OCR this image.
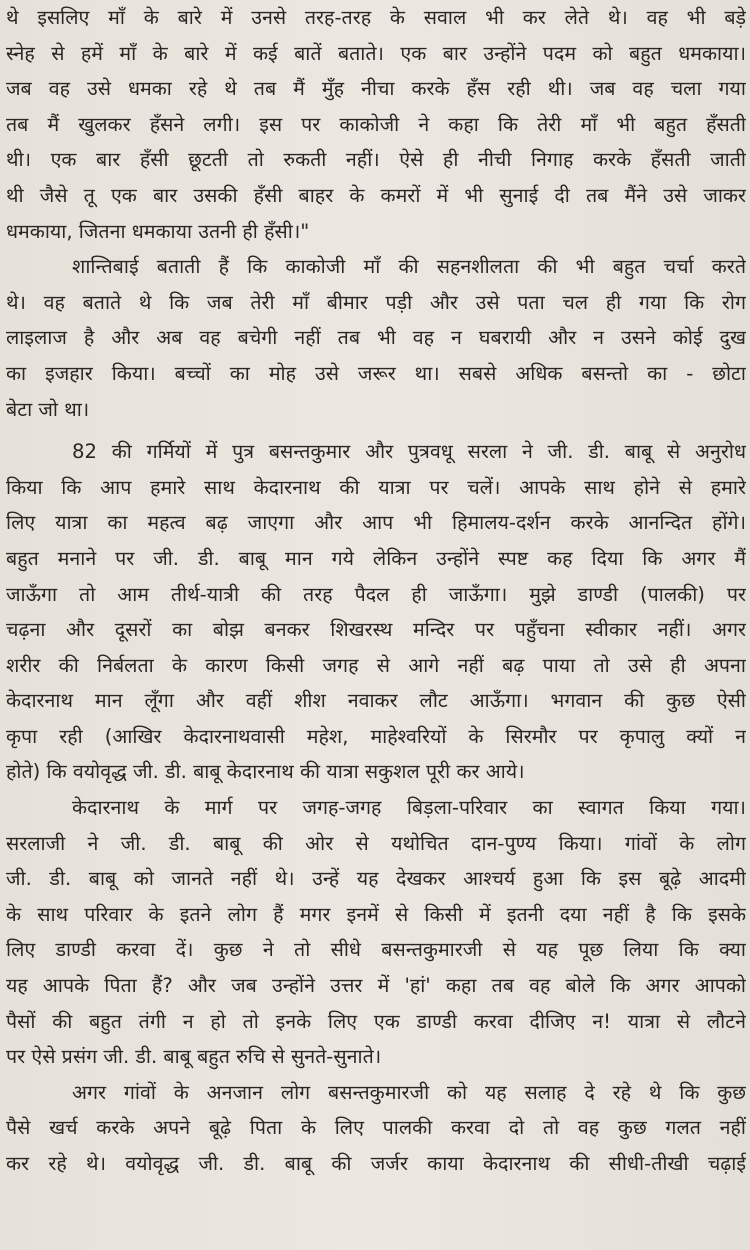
थे इसलिए माँ के बारे में उनसे तरह-तरह के सवाल भी कर लेते थे। वह भी बड़े
स्नेह से हमें माँ के बारे में कई बातें बताते। एक बार उन्होंने पदम को बहुत धमकाया।
जब वह उसे धमका रहे थे तब मैं मुँह नीचा करके हँस रही थी। जब वह चला गया
तब मैं खुलकर हँसने लगी। इस पर काकोजी ने कहा कि तेरी माँ भी बहुत हँसती
थी। एक बार हँसी छूटती तो रुकती नहीं। ऐसे ही नीची निगाह करके हँसती जाती
थी जैसे तू एक बार उसकी हँसी बाहर के कमरों में भी सुनाई दी तब मैंने उसे जाकर
धमकाया, जितना धमकाया उतनी ही हँसी।"
शान्तिबाई बताती हैं कि काकोजी माँ की सहनशीलता की भी बहुत चर्चा करते
थे। वह बताते थे कि जब तेरी माँ बीमार पड़ी और उसे पता चल ही गया कि रोग
लाइलाज है और अब वह बचेगी नहीं तब भी वह न घबरायी और न उसने कोई दुख
का इजहार किया। बच्चों का मोह उसे जरूर था। सबसे अधिक बसन्तो का - छोटा
बेटा जो था।
82 की गर्मियों में पुत्र बसन्तकुमार और पुत्रवधू सरला ने जी. डी. बाबू से अनुरोध
किया कि आप हमारे साथ केदारनाथ की यात्रा पर चलें। आपके साथ होने से हमारे
लिए यात्रा का महत्व बढ़ जाएगा और आप भी हिमालय-दर्शन करके आनन्दित होंगे।
बहुत मनाने पर जी. डी. बाबू मान गये लेकिन उन्होंने स्पष्ट कह दिया कि अगर मैं
जाऊँगा तो आम तीर्थ-यात्री की तरह पैदल ही जाऊँगा। मुझे डाण्डी (पालकी) पर
चढ़ना और दूसरों का बोझ बनकर शिखरस्थ मन्दिर पर पहुँचना स्वीकार नहीं। अगर
शरीर की निर्बलता के कारण किसी जगह से आगे नहीं बढ़ पाया तो उसे ही अपना
केदारनाथ मान लूँगा और वहीं शीश नवाकर लौट आऊँगा। भगवान की कुछ ऐसी
कृपा रही (आखिर केदारनाथवासी महेश, माहेश्वरियों के सिरमौर पर कृपालु क्यों न
होते) कि वयोवृद्ध जी. डी. बाबू केदारनाथ की यात्रा सकुशल पूरी कर आये।
केदारनाथ के मार्ग पर जगह-जगह बिड़ला-परिवार का स्वागत किया गया।
सरलाजी ने जी. डी. बाबू की ओर से यथोचित दान-पुण्य किया। गांवों के लोग
जी. डी. बाबू को जानते नहीं थे। उन्हें यह देखकर आश्चर्य हुआ कि इस बूढ़े आदमी
के साथ परिवार के इतने लोग हैं मगर इनमें से किसी में इतनी दया नहीं है कि इसके
लिए डाण्डी करवा दें। कुछ ने तो सीधे बसन्तकुमारजी से यह पूछ लिया कि क्या
यह आपके पिता हैं? और जब उन्होंने उत्तर में 'हां' कहा तब वह बोले कि अगर आपको
पैसों की बहुत तंगी न हो तो इनके लिए एक डाण्डी करवा दीजिए न! यात्रा से लौटने
पर ऐसे प्रसंग जी. डी. बाबू बहुत रुचि से सुनते-सुनाते।
अगर गांवों के अनजान लोग बसन्तकुमारजी को यह सलाह दे रहे थे कि कुछ
पैसे खर्च करके अपने बूढ़े पिता के लिए पालकी करवा दो तो वह कुछ गलत नहीं
कर रहे थे। वयोवृद्ध जी. डी. बाबू की जर्जर काया केदारनाथ की सीधी-तीखी चढ़ाई
